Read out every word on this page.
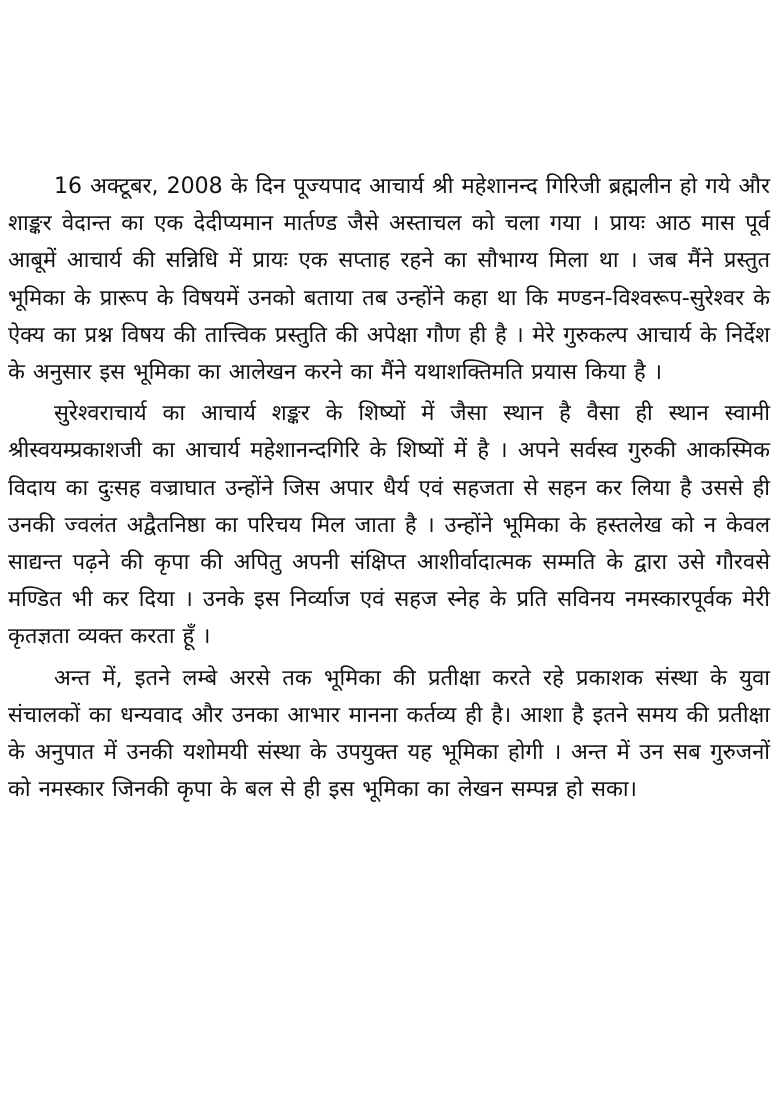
16 अक्टूबर, 2008 के दिन पूज्यपाद आचार्य श्री महेशानन्द गिरिजी ब्रह्मलीन हो गये और शाङ्कर वेदान्त का एक देदीप्यमान मार्तण्ड जैसे अस्ताचल को चला गया । प्रायः आठ मास पूर्व आबूमें आचार्य की सन्निधि में प्रायः एक सप्ताह रहने का सौभाग्य मिला था । जब मैंने प्रस्तुत भूमिका के प्रारूप के विषयमें उनको बताया तब उन्होंने कहा था कि मण्डन-विश्वरूप-सुरेश्वर के ऐक्य का प्रश्न विषय की तात्त्विक प्रस्तुति की अपेक्षा गौण ही है । मेरे गुरुकल्प आचार्य के निर्देश के अनुसार इस भूमिका का आलेखन करने का मैंने यथाशक्तिमति प्रयास किया है ।

सुरेश्वराचार्य का आचार्य शङ्कर के शिष्यों में जैसा स्थान है वैसा ही स्थान स्वामी श्रीस्वयम्प्रकाशजी का आचार्य महेशानन्दगिरि के शिष्यों में है । अपने सर्वस्व गुरुकी आकस्मिक विदाय का दुःसह वज्राघात उन्होंने जिस अपार धैर्य एवं सहजता से सहन कर लिया है उससे ही उनकी ज्वलंत अद्वैतनिष्ठा का परिचय मिल जाता है । उन्होंने भूमिका के हस्तलेख को न केवल साद्यन्त पढ़ने की कृपा की अपितु अपनी संक्षिप्त आशीर्वादात्मक सम्मति के द्वारा उसे गौरवसे मण्डित भी कर दिया । उनके इस निर्व्याज एवं सहज स्नेह के प्रति सविनय नमस्कारपूर्वक मेरी कृतज्ञता व्यक्त करता हूँ ।

अन्त में, इतने लम्बे अरसे तक भूमिका की प्रतीक्षा करते रहे प्रकाशक संस्था के युवा संचालकों का धन्यवाद और उनका आभार मानना कर्तव्य ही है। आशा है इतने समय की प्रतीक्षा के अनुपात में उनकी यशोमयी संस्था के उपयुक्त यह भूमिका होगी । अन्त में उन सब गुरुजनों को नमस्कार जिनकी कृपा के बल से ही इस भूमिका का लेखन सम्पन्न हो सका।
